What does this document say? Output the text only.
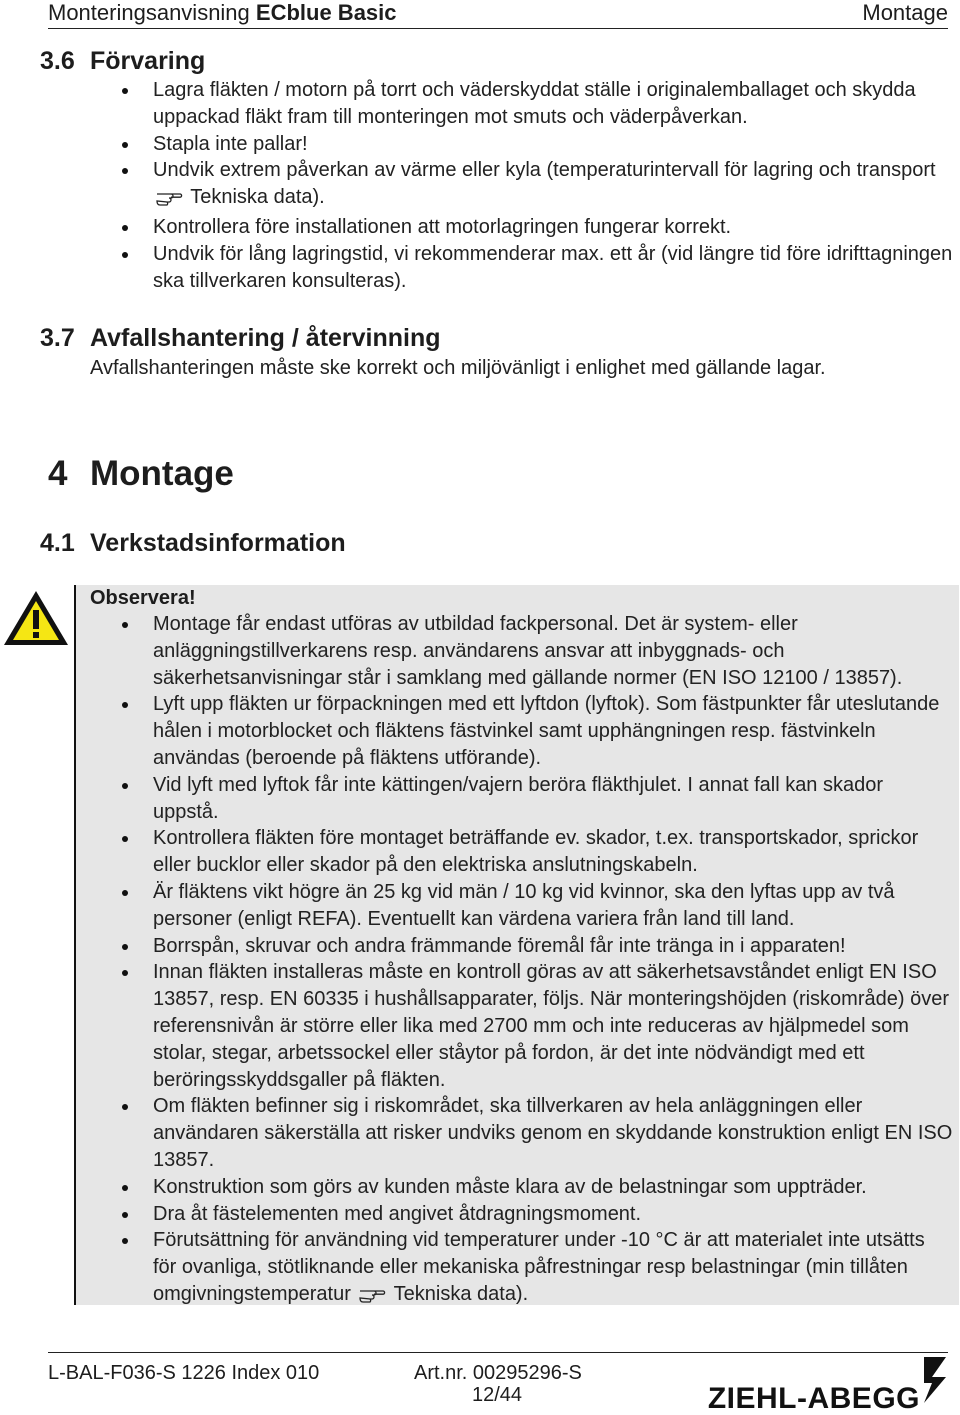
Monteringsanvisning ECblue Basic	Montage
3.6 Förvaring
Lagra fläkten / motorn på torrt och väderskyddat ställe i originalemballaget och skydda uppackad fläkt fram till monteringen mot smuts och väderpåverkan.
Stapla inte pallar!
Undvik extrem påverkan av värme eller kyla (temperaturintervall för lagring och transport  Tekniska data).
Kontrollera före installationen att motorlagringen fungerar korrekt.
Undvik för lång lagringstid, vi rekommenderar max. ett år (vid längre tid före idrifttagningen ska tillverkaren konsulteras).
3.7 Avfallshantering / återvinning
Avfallshanteringen måste ske korrekt och miljövänligt i enlighet med gällande lagar.
4 Montage
4.1 Verkstadsinformation
Observera!
Montage får endast utföras av utbildad fackpersonal. Det är system- eller anläggningstillverkarens resp. användarens ansvar att inbyggnads- och säkerhetsanvisningar står i samklang med gällande normer (EN ISO 12100 / 13857).
Lyft upp fläkten ur förpackningen med ett lyftdon (lyftok). Som fästpunkter får uteslutande hålen i motorblocket och fläktens fästvinkel samt upphängningen resp. fästvinkeln användas (beroende på fläktens utförande).
Vid lyft med lyftok får inte kättingen/vajern beröra fläkthjulet. I annat fall kan skador uppstå.
Kontrollera fläkten före montaget beträffande ev. skador, t.ex. transportskador, sprickor eller bucklor eller skador på den elektriska anslutningskabeln.
Är fläktens vikt högre än 25 kg vid män / 10 kg vid kvinnor, ska den lyftas upp av två personer (enligt REFA). Eventuellt kan värdena variera från land till land.
Borrspån, skruvar och andra främmande föremål får inte tränga in i apparaten!
Innan fläkten installeras måste en kontroll göras av att säkerhetsavståndet enligt EN ISO 13857, resp. EN 60335 i hushållsapparater, följs. När monteringshöjden (riskområde) över referensnivån är större eller lika med 2700 mm och inte reduceras av hjälpmedel som stolar, stegar, arbetssockel eller ståytor på fordon, är det inte nödvändigt med ett beröringsskyddsgaller på fläkten.
Om fläkten befinner sig i riskområdet, ska tillverkaren av hela anläggningen eller användaren säkerställa att risker undviks genom en skyddande konstruktion enligt EN ISO 13857.
Konstruktion som görs av kunden måste klara av de belastningar som uppträder.
Dra åt fästelementen med angivet åtdragningsmoment.
Förutsättning för användning vid temperaturer under -10 °C är att materialet inte utsätts för ovanliga, stötliknande eller mekaniska påfrestningar resp belastningar (min tillåten omgivningstemperatur Tekniska data).
L-BAL-F036-S 1226 Index 010	Art.nr. 00295296-S
12/44	ZIEHL-ABEGG
